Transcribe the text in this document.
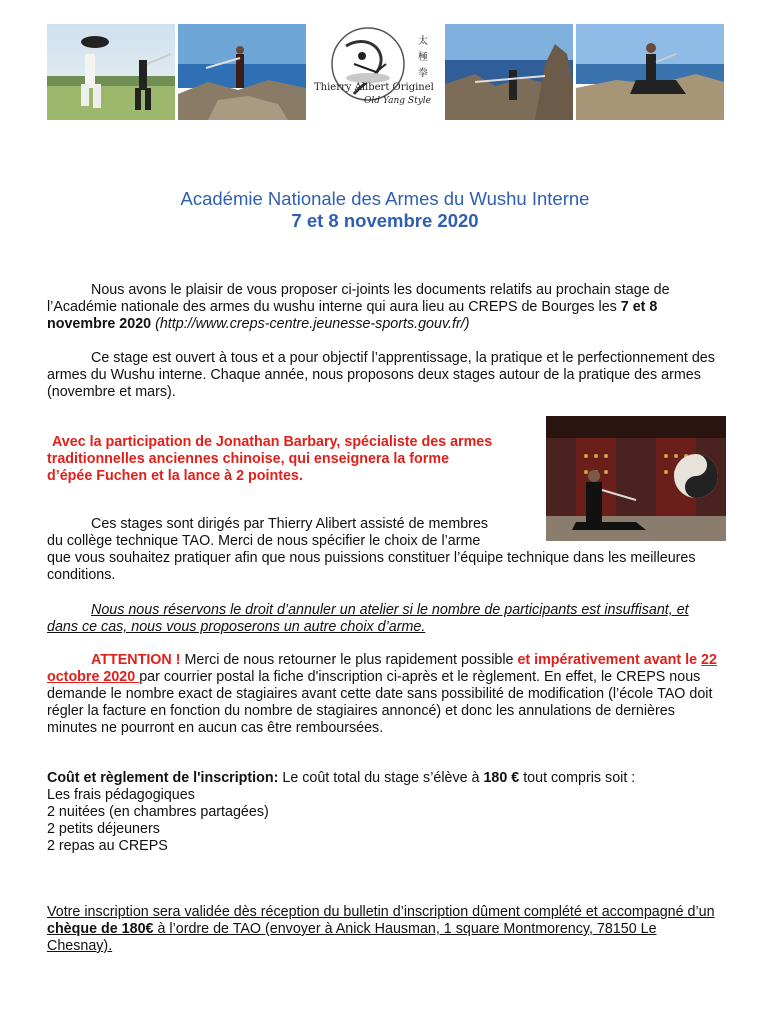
太
極
拳
Thierry Alibert Originel
Old Yang Style
Académie Nationale des Armes du Wushu Interne
7 et 8 novembre 2020
Nous avons le plaisir de vous proposer ci-joints les documents relatifs au prochain stage de l’Académie nationale des armes du wushu interne qui aura lieu au CREPS de Bourges les 7 et 8 novembre 2020 (http://www.creps-centre.jeunesse-sports.gouv.fr/)
Ce stage est ouvert à tous et a pour objectif l’apprentissage, la pratique et le perfectionnement des armes du Wushu interne. Chaque année, nous proposons deux stages autour de la pratique des armes (novembre et mars).
Avec la participation de Jonathan Barbary, spécialiste des armes
traditionnelles anciennes chinoise, qui enseignera la forme
d’épée Fuchen et la lance à 2 pointes.
Ces stages sont dirigés par Thierry Alibert assisté de membres
du collège technique TAO. Merci de nous spécifier le choix de l’arme
que vous souhaitez pratiquer afin que nous puissions constituer l’équipe technique dans les meilleures conditions.
Nous nous réservons le droit d’annuler un atelier si le nombre de participants est insuffisant, et dans ce cas, nous vous proposerons un autre choix d’arme.
ATTENTION ! Merci de nous retourner le plus rapidement possible et impérativement avant le 22 octobre 2020 par courrier postal la fiche d'inscription ci-après et le règlement. En effet, le CREPS nous demande le nombre exact de stagiaires avant cette date sans possibilité de modification (l’école TAO doit régler la facture en fonction du nombre de stagiaires annoncé) et donc les annulations de dernières minutes ne pourront en aucun cas être remboursées.
Coût et règlement de l'inscription: Le coût total du stage s’élève à 180 € tout compris soit :
Les frais pédagogiques
2 nuitées (en chambres partagées)
2 petits déjeuners
2 repas au CREPS
Votre inscription sera validée dès réception du bulletin d’inscription dûment complété et accompagné d’un chèque de 180€ à l’ordre de TAO (envoyer à Anick Hausman, 1 square Montmorency, 78150 Le Chesnay).
